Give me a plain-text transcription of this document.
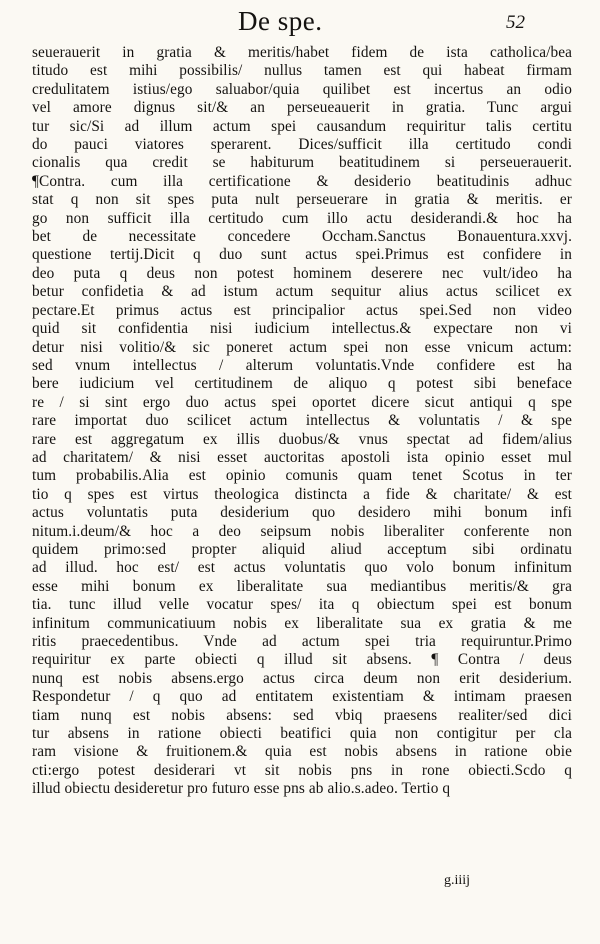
De spe.	52
seuerauerit in gratia & meritis/habet fidem de ista catholica/bea
titudo est mihi possibilis/ nullus tamen est qui habeat firmam
credulitatem istius/ego saluabor/quia quilibet est incertus an odio
vel amore dignus sit/& an perseueauerit in gratia. Tunc argui
tur sic/Si ad illum actum spei causandum requiritur talis certitu
do pauci viatores sperarent. Dices/sufficit illa certitudo condi
cionalis qua credit se habiturum beatitudinem si perseuerauerit.
¶Contra. cum illa certificatione & desiderio beatitudinis adhuc
stat q non sit spes puta nult perseuerare in gratia & meritis. er
go non sufficit illa certitudo cum illo actu desiderandi.& hoc ha
bet de necessitate concedere Occham.Sanctus Bonauentura.xxvj.
questione tertij.Dicit q duo sunt actus spei.Primus est confidere in
deo puta q deus non potest hominem deserere nec vult/ideo ha
betur confidetia & ad istum actum sequitur alius actus scilicet ex
pectare.Et primus actus est principalior actus spei.Sed non video
quid sit confidentia nisi iudicium intellectus.& expectare non vi
detur nisi volitio/& sic poneret actum spei non esse vnicum actum:
sed vnum intellectus / alterum voluntatis.Vnde confidere est ha
bere iudicium vel certitudinem de aliquo q potest sibi beneface
re / si sint ergo duo actus spei oportet dicere sicut antiqui q spe
rare importat duo scilicet actum intellectus & voluntatis / & spe
rare est aggregatum ex illis duobus/& vnus spectat ad fidem/alius
ad charitatem/ & nisi esset auctoritas apostoli ista opinio esset mul
tum probabilis.Alia est opinio comunis quam tenet Scotus in ter
tio q spes est virtus theologica distincta a fide & charitate/ & est
actus voluntatis puta desiderium quo desidero mihi bonum infi
nitum.i.deum/& hoc a deo seipsum nobis liberaliter conferente non
quidem primo:sed propter aliquid aliud acceptum sibi ordinatu
ad illud. hoc est/ est actus voluntatis quo volo bonum infinitum
esse mihi bonum ex liberalitate sua mediantibus meritis/& gra
tia. tunc illud velle vocatur spes/ ita q obiectum spei est bonum
infinitum communicatiuum nobis ex liberalitate sua ex gratia & me
ritis praecedentibus. Vnde ad actum spei tria requiruntur.Primo
requiritur ex parte obiecti q illud sit absens. ¶ Contra / deus
nunq est nobis absens.ergo actus circa deum non erit desiderium.
Respondetur / q quo ad entitatem existentiam & intimam praesen
tiam nunq est nobis absens: sed vbiq praesens realiter/sed dici
tur absens in ratione obiecti beatifici quia non contigitur per cla
ram visione & fruitionem.& quia est nobis absens in ratione obie
cti:ergo potest desiderari vt sit nobis pns in rone obiecti.Scdo q
illud obiectu desideretur pro futuro esse pns ab alio.s.adeo. Tertio q
g.iiij
